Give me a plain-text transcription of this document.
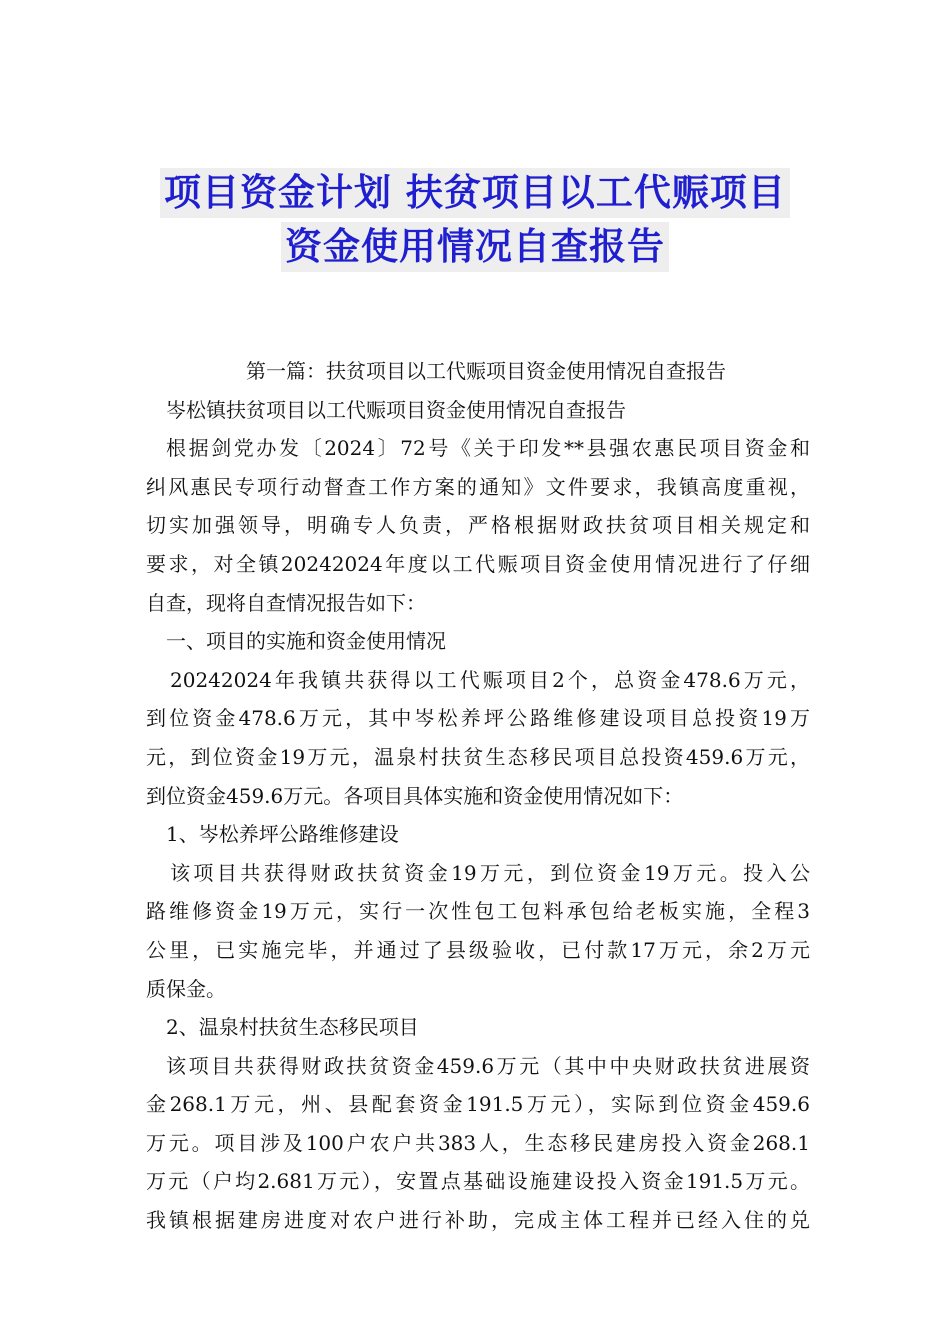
项目资金计划 扶贫项目以工代赈项目
资金使用情况自查报告
第一篇：扶贫项目以工代赈项目资金使用情况自查报告
岑松镇扶贫项目以工代赈项目资金使用情况自查报告
根据剑党办发〔2024〕72号《关于印发**县强农惠民项目资金和
纠风惠民专项行动督查工作方案的通知》文件要求，我镇高度重视，
切实加强领导，明确专人负责，严格根据财政扶贫项目相关规定和
要求，对全镇20242024年度以工代赈项目资金使用情况进行了仔细
自查，现将自查情况报告如下：
一、项目的实施和资金使用情况
20242024年我镇共获得以工代赈项目2个，总资金478.6万元，
到位资金478.6万元，其中岑松养坪公路维修建设项目总投资19万
元，到位资金19万元，温泉村扶贫生态移民项目总投资459.6万元，
到位资金459.6万元。各项目具体实施和资金使用情况如下：
1、岑松养坪公路维修建设
该项目共获得财政扶贫资金19万元，到位资金19万元。投入公
路维修资金19万元，实行一次性包工包料承包给老板实施，全程3
公里，已实施完毕，并通过了县级验收，已付款17万元，余2万元
质保金。
2、温泉村扶贫生态移民项目
该项目共获得财政扶贫资金459.6万元（其中中央财政扶贫进展资
金268.1万元，州、县配套资金191.5万元），实际到位资金459.6
万元。项目涉及100户农户共383人，生态移民建房投入资金268.1
万元（户均2.681万元），安置点基础设施建设投入资金191.5万元。
我镇根据建房进度对农户进行补助，完成主体工程并已经入住的兑
